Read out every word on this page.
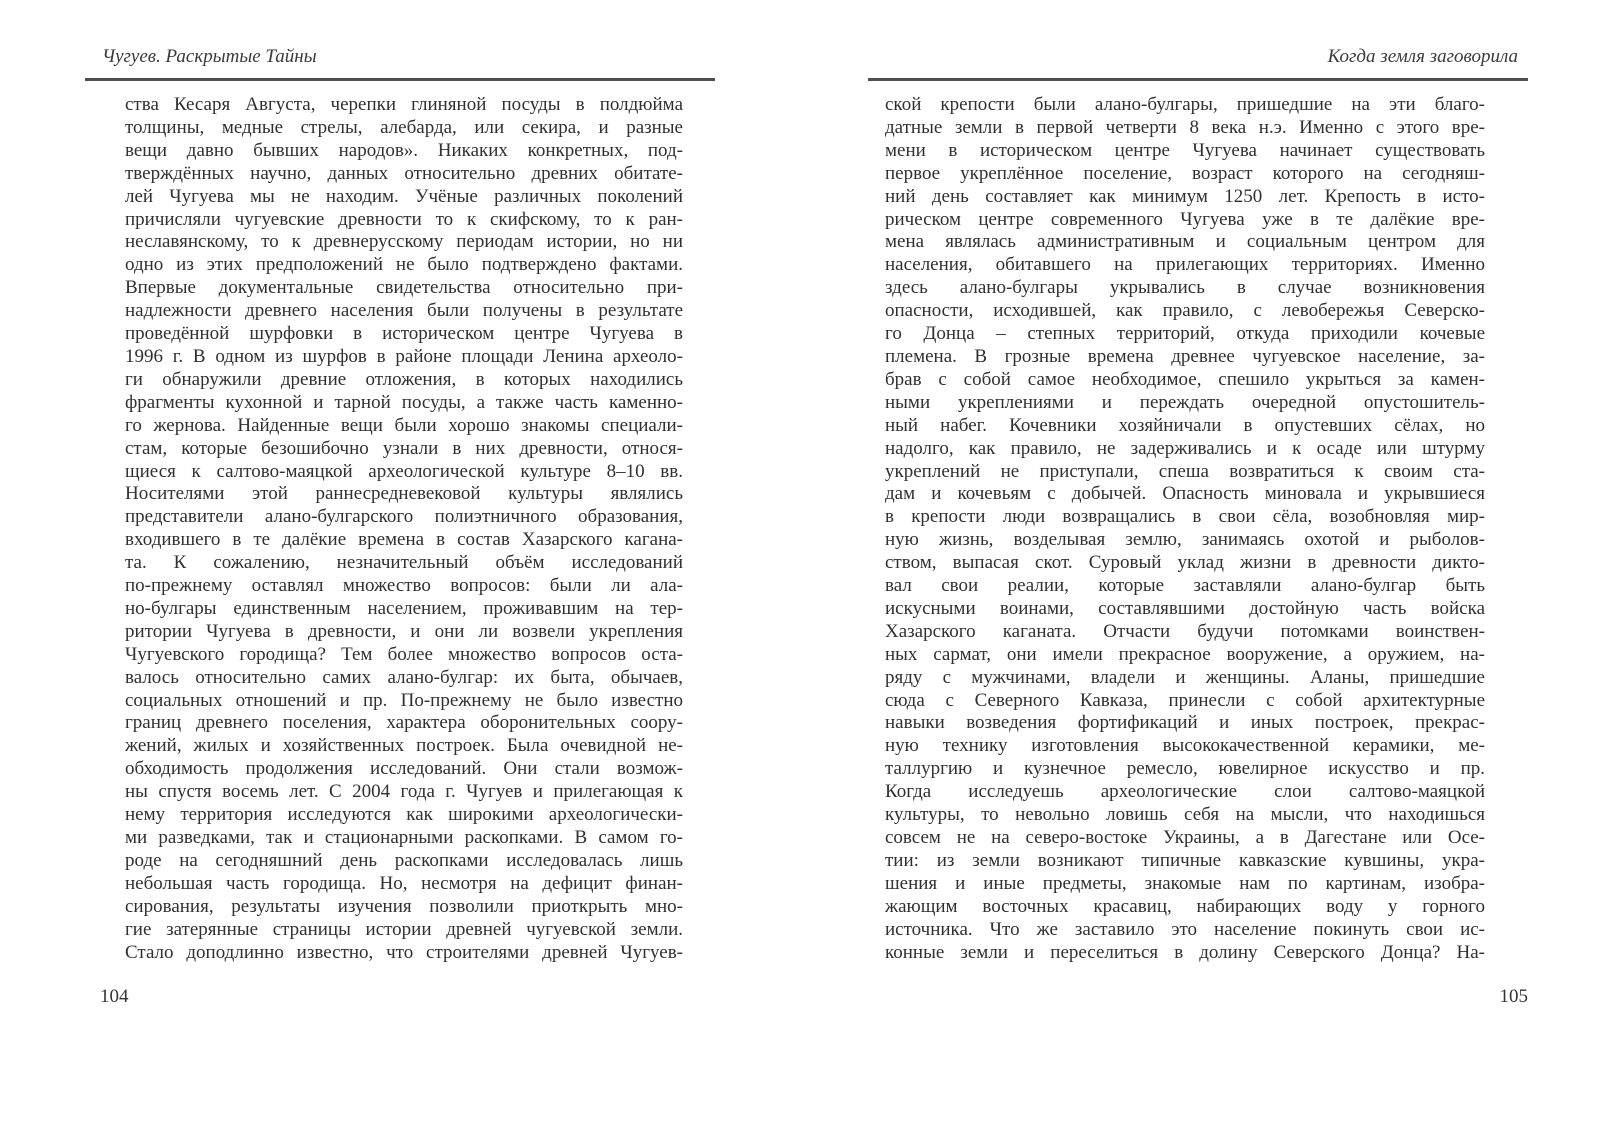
Чугуев. Раскрытые Тайны
ства Кесаря Августа, черепки глиняной посуды в полдюйма
толщины, медные стрелы, алебарда, или секира, и разные
вещи давно бывших народов». Никаких конкретных, под-
тверждённых научно, данных относительно древних обитате-
лей Чугуева мы не находим. Учёные различных поколений
причисляли чугуевские древности то к скифскому, то к ран-
неславянскому, то к древнерусскому периодам истории, но ни
одно из этих предположений не было подтверждено фактами.
Впервые документальные свидетельства относительно при-
надлежности древнего населения были получены в результате
проведённой шурфовки в историческом центре Чугуева в
1996 г. В одном из шурфов в районе площади Ленина археоло-
ги обнаружили древние отложения, в которых находились
фрагменты кухонной и тарной посуды, а также часть каменно-
го жернова. Найденные вещи были хорошо знакомы специали-
стам, которые безошибочно узнали в них древности, относя-
щиеся к салтово-маяцкой археологической культуре 8–10 вв.
Носителями этой раннесредневековой культуры являлись
представители алано-булгарского полиэтничного образования,
входившего в те далёкие времена в состав Хазарского кагана-
та. К сожалению, незначительный объём исследований
по-прежнему оставлял множество вопросов: были ли ала-
но-булгары единственным населением, проживавшим на тер-
ритории Чугуева в древности, и они ли возвели укрепления
Чугуевского городища? Тем более множество вопросов оста-
валось относительно самих алано-булгар: их быта, обычаев,
социальных отношений и пр. По-прежнему не было известно
границ древнего поселения, характера оборонительных соору-
жений, жилых и хозяйственных построек. Была очевидной не-
обходимость продолжения исследований. Они стали возмож-
ны спустя восемь лет. С 2004 года г. Чугуев и прилегающая к
нему территория исследуются как широкими археологически-
ми разведками, так и стационарными раскопками. В самом го-
роде на сегодняшний день раскопками исследовалась лишь
небольшая часть городища. Но, несмотря на дефицит финан-
сирования, результаты изучения позволили приоткрыть мно-
гие затерянные страницы истории древней чугуевской земли.
Стало доподлинно известно, что строителями древней Чугуев-
104
Когда земля заговорила
ской крепости были алано-булгары, пришедшие на эти благо-
датные земли в первой четверти 8 века н.э. Именно с этого вре-
мени в историческом центре Чугуева начинает существовать
первое укреплённое поселение, возраст которого на сегодняш-
ний день составляет как минимум 1250 лет. Крепость в исто-
рическом центре современного Чугуева уже в те далёкие вре-
мена являлась административным и социальным центром для
населения, обитавшего на прилегающих территориях. Именно
здесь алано-булгары укрывались в случае возникновения
опасности, исходившей, как правило, с левобережья Северско-
го Донца – степных территорий, откуда приходили кочевые
племена. В грозные времена древнее чугуевское население, за-
брав с собой самое необходимое, спешило укрыться за камен-
ными укреплениями и переждать очередной опустошитель-
ный набег. Кочевники хозяйничали в опустевших сёлах, но
надолго, как правило, не задерживались и к осаде или штурму
укреплений не приступали, спеша возвратиться к своим ста-
дам и кочевьям с добычей. Опасность миновала и укрывшиеся
в крепости люди возвращались в свои сёла, возобновляя мир-
ную жизнь, возделывая землю, занимаясь охотой и рыболов-
ством, выпасая скот. Суровый уклад жизни в древности дикто-
вал свои реалии, которые заставляли алано-булгар быть
искусными воинами, составлявшими достойную часть войска
Хазарского каганата. Отчасти будучи потомками воинствен-
ных сармат, они имели прекрасное вооружение, а оружием, на-
ряду с мужчинами, владели и женщины. Аланы, пришедшие
сюда с Северного Кавказа, принесли с собой архитектурные
навыки возведения фортификаций и иных построек, прекрас-
ную технику изготовления высококачественной керамики, ме-
таллургию и кузнечное ремесло, ювелирное искусство и пр.
Когда исследуешь археологические слои салтово-маяцкой
культуры, то невольно ловишь себя на мысли, что находишься
совсем не на северо-востоке Украины, а в Дагестане или Осе-
тии: из земли возникают типичные кавказские кувшины, укра-
шения и иные предметы, знакомые нам по картинам, изобра-
жающим восточных красавиц, набирающих воду у горного
источника. Что же заставило это население покинуть свои ис-
конные земли и переселиться в долину Северского Донца? На-
105
